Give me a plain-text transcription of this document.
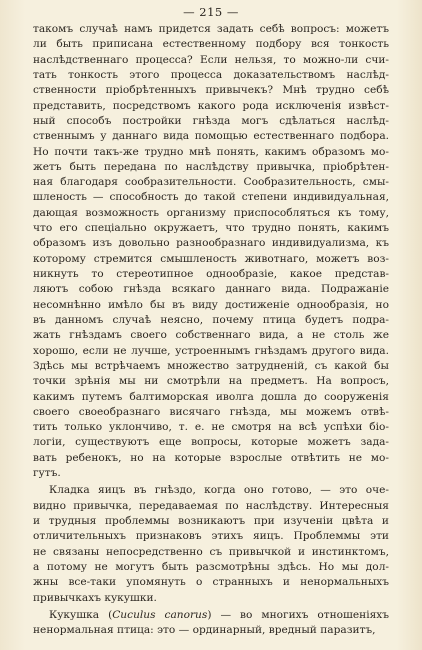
— 215 —
такомъ случаѣ намъ придется задать себѣ вопросъ: можетъ
ли быть приписана естественному подбору вся тонкость
наслѣдственнаго процесса? Если нельзя, то можно-ли счи-
тать тонкость этого процесса доказательствомъ наслѣд-
ственности пріобрѣтенныхъ привычекъ? Мнѣ трудно себѣ
представить, посредствомъ какого рода исключенія извѣст-
ный способъ постройки гнѣзда могъ сдѣлаться наслѣд-
ственнымъ у даннаго вида помощью естественнаго подбора.
Но почти такъ-же трудно мнѣ понять, какимъ образомъ мо-
жетъ быть передана по наслѣдству привычка, пріобрѣтен-
ная благодаря сообразительности. Сообразительность, смы-
шленость — способность до такой степени индивидуальная,
дающая возможность организму приспособляться къ тому,
что его спеціально окружаетъ, что трудно понять, какимъ
образомъ изъ довольно разнообразнаго индивидуализма, къ
которому стремится смышленость животнаго, можетъ воз-
никнуть то стереотипное однообразіе, какое представ-
ляютъ собою гнѣзда всякаго даннаго вида. Подражаніе
несомнѣнно имѣло бы въ виду достиженіе однообразія, но
въ данномъ случаѣ неясно, почему птица будетъ подра-
жать гнѣздамъ своего собственнаго вида, а не столь же
хорошо, если не лучше, устроеннымъ гнѣздамъ другого вида.
Здѣсь мы встрѣчаемъ множество затрудненій, съ какой бы
точки зрѣнія мы ни смотрѣли на предметъ. На вопросъ,
какимъ путемъ балтиморская иволга дошла до сооруженія
своего своеобразнаго висячаго гнѣзда, мы можемъ отвѣ-
тить только уклончиво, т. е. не смотря на всѣ успѣхи біо-
логіи, существуютъ еще вопросы, которые можетъ зада-
вать ребенокъ, но на которые взрослые отвѣтить не мо-
гутъ.
Кладка яицъ въ гнѣздо, когда оно готово, — это оче-
видно привычка, передаваемая по наслѣдству. Интересныя
и трудныя проблеммы возникаютъ при изученіи цвѣта и
отличительныхъ признаковъ этихъ яицъ. Проблеммы эти
не связаны непосредственно съ привычкой и инстинктомъ,
а потому не могутъ быть разсмотрѣны здѣсь. Но мы дол-
жны все-таки упомянуть о странныхъ и ненормальныхъ
привычкахъ кукушки.
Кукушка (Cuculus canorus) — во многихъ отношеніяхъ
ненормальная птица: это — ординарный, вредный паразитъ,
